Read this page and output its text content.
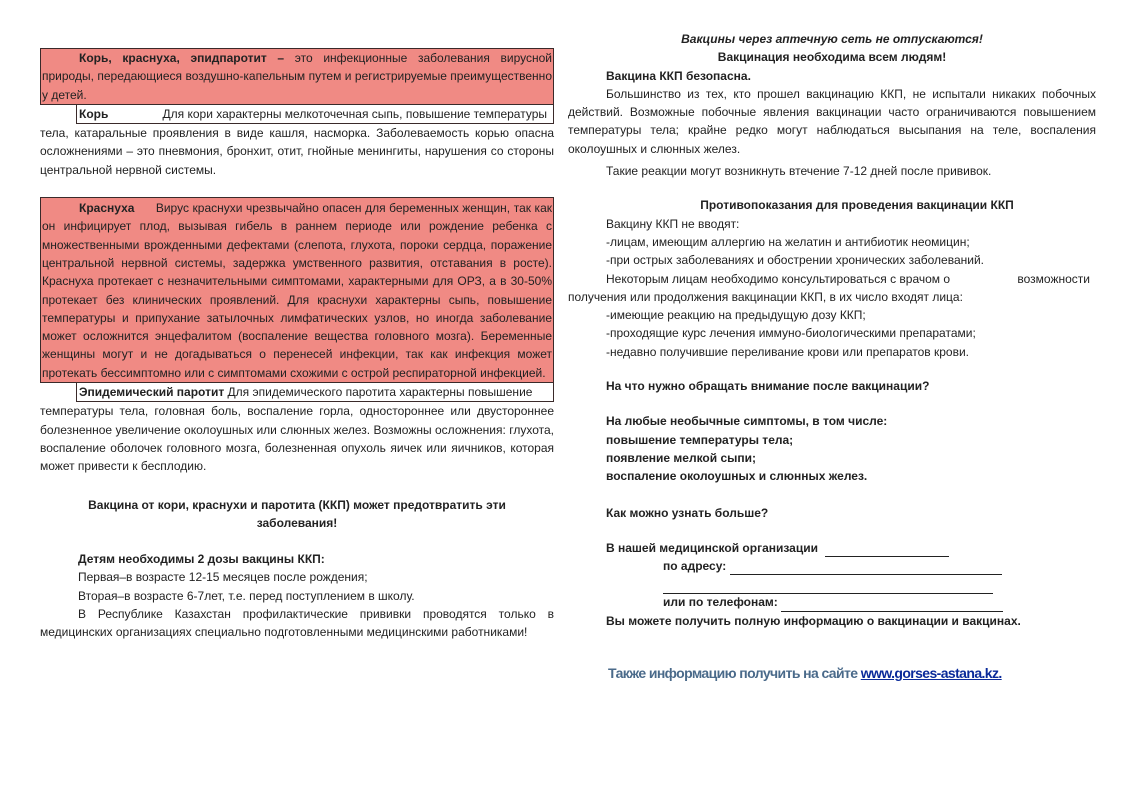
Корь, краснуха, эпидпаротит – это инфекционные заболевания вирусной природы, передающиеся воздушно-капельным путем и регистрируемые преимущественно у детей.

Корь	Для кори характерны мелкоточечная сыпь, повышение температуры

тела, катаральные проявления в виде кашля, насморка. Заболеваемость корью опасна осложнениями – это пневмония, бронхит, отит, гнойные менингиты, нарушения со стороны центральной нервной системы.

Краснуха Вирус краснухи чрезвычайно опасен для беременных женщин, так как он инфицирует плод, вызывая гибель в раннем периоде или рождение ребенка с множественными врожденными дефектами (слепота, глухота, пороки сердца, поражение центральной нервной системы, задержка умственного развития, отставания в росте). Краснуха протекает с незначительными симптомами, характерными для ОРЗ, а в 30-50% протекает без клинических проявлений. Для краснухи характерны сыпь, повышение температуры и припухание затылочных лимфатических узлов, но иногда заболевание может осложнится энцефалитом (воспаление вещества головного мозга). Беременные женщины могут и не догадываться о перенесей инфекции, так как инфекция может протекать бессимптомно или с симптомами схожими с острой респираторной инфекцией.

Эпидемический паротит Для эпидемического паротита характерны повышение

температуры тела, головная боль, воспаление горла, одностороннее или двустороннее болезненное увеличение околоушных или слюнных желез. Возможны осложнения: глухота, воспаление оболочек головного мозга, болезненная опухоль яичек или яичников, которая может привести к бесплодию.

Вакцина от кори, краснухи и паротита (ККП) может предотвратить эти заболевания!

Детям необходимы 2 дозы вакцины ККП:

Первая–в возрасте 12-15 месяцев после рождения;

Вторая–в возрасте 6-7лет, т.е. перед поступлением в школу.

В Республике Казахстан профилактические прививки проводятся только в

медицинских организациях специально подготовленными медицинскими работниками!

Вакцины через аптечную сеть не отпускаются!

Вакцинация необходима всем людям!

Вакцина ККП безопасна.

Большинство из тех, кто прошел вакцинацию ККП, не испытали никаких побочных действий. Возможные побочные явления вакцинации часто ограничиваются повышением температуры тела; крайне редко могут наблюдаться высыпания на теле, воспаления околоушных и слюнных желез.

Такие реакции могут возникнуть втечение 7-12 дней после прививок.

Противопоказания для проведения вакцинации ККП

Вакцину ККП не вводят:

-лицам, имеющим аллергию на желатин и антибиотик неомицин;

-при острых заболеваниях и обострении хронических заболеваний.

Некоторым лицам необходимо консультироваться с врачом о	возможности

получения или продолжения вакцинации ККП, в их число входят лица:

-имеющие реакцию на предыдущую дозу ККП;

-проходящие курс лечения иммуно-биологическими препаратами;

-недавно получившие переливание крови или препаратов крови.

На что нужно обращать внимание после вакцинации?

На любые необычные симптомы, в том числе:

повышение температуры тела;

появление мелкой сыпи;

воспаление околоушных и слюнных желез.

Как можно узнать больше?

В нашей медицинской организации

по адресу:

или по телефонам:

Вы можете получить полную информацию о вакцинации и вакцинах.

Также информацию получить на сайте www.gorses-astana.kz.
